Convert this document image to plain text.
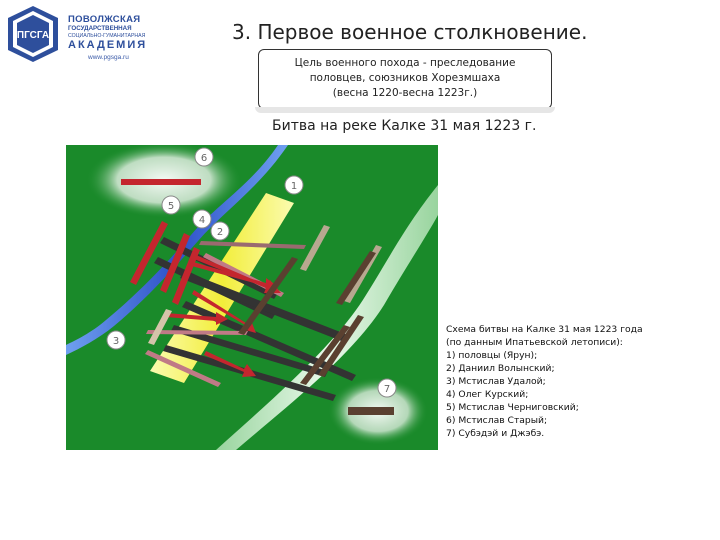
ПГСГА
ПОВОЛЖСКАЯ
ГОСУДАРСТВЕННАЯ
СОЦИАЛЬНО-ГУМАНИТАРНАЯ
АКАДЕМИЯ
www.pgsga.ru
3. Первое военное столкновение.
Цель военного похода - преследование
половцев, союзников Хорезмшаха
(весна 1220-весна 1223г.)
Битва на реке Калке 31 мая 1223 г.
6
1
5
4
2
3
7
Схема битвы на Калке 31 мая 1223 года
(по данным Ипатьевской летописи):
1) половцы (Ярун);
2) Даниил Волынский;
3) Мстислав Удалой;
4) Олег Курский;
5) Мстислав Черниговский;
6) Мстислав Старый;
7) Субэдэй и Джэбэ.
